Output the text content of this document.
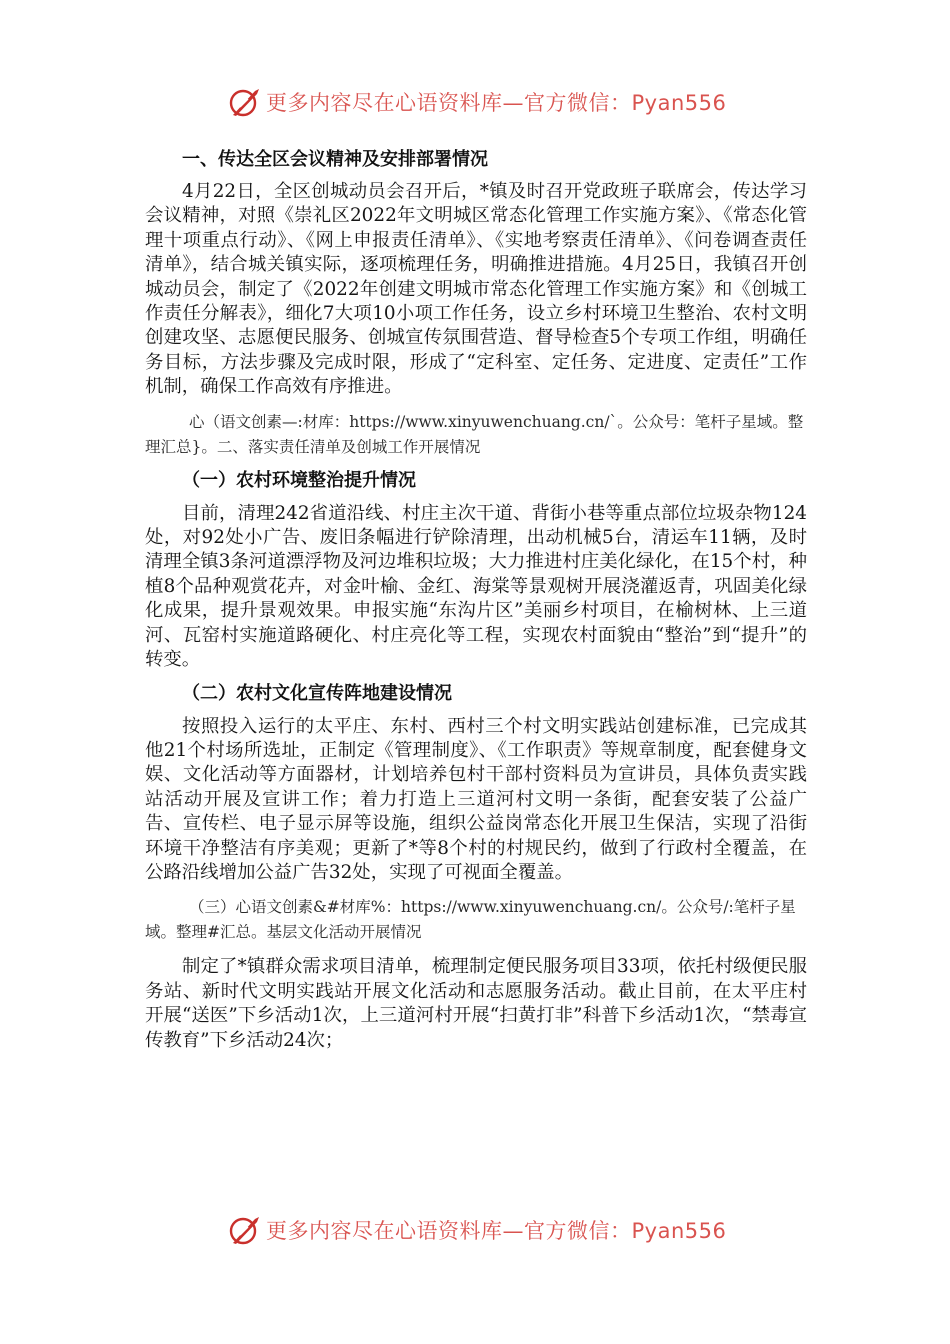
更多内容尽在心语资料库—官方微信：Pyan556
一、传达全区会议精神及安排部署情况

4月22日，全区创城动员会召开后，*镇及时召开党政班子联席会，传达学习会议精神，对照《崇礼区2022年文明城区常态化管理工作实施方案》、《常态化管理十项重点行动》、《网上申报责任清单》、《实地考察责任清单》、《问卷调查责任清单》，结合城关镇实际，逐项梳理任务，明确推进措施。4月25日，我镇召开创城动员会，制定了《2022年创建文明城市常态化管理工作实施方案》和《创城工作责任分解表》，细化7大项10小项工作任务，设立乡村环境卫生整治、农村文明创建攻坚、志愿便民服务、创城宣传氛围营造、督导检查5个专项工作组，明确任务目标，方法步骤及完成时限，形成了“定科室、定任务、定进度、定责任”工作机制，确保工作高效有序推进。

心（语文创素—:材库：https://www.xinyuwenchuang.cn/`。公众号：笔杆子星域。整理汇总}。二、落实责任清单及创城工作开展情况

（一）农村环境整治提升情况

目前，清理242省道沿线、村庄主次干道、背街小巷等重点部位垃圾杂物124处，对92处小广告、废旧条幅进行铲除清理，出动机械5台，清运车11辆，及时清理全镇3条河道漂浮物及河边堆积垃圾；大力推进村庄美化绿化，在15个村，种植8个品种观赏花卉，对金叶榆、金红、海棠等景观树开展浇灌返青，巩固美化绿化成果，提升景观效果。申报实施“东沟片区”美丽乡村项目，在榆树林、上三道河、瓦窑村实施道路硬化、村庄亮化等工程，实现农村面貌由“整治”到“提升”的转变。

（二）农村文化宣传阵地建设情况

按照投入运行的太平庄、东村、西村三个村文明实践站创建标准，已完成其他21个村场所选址，正制定《管理制度》、《工作职责》等规章制度，配套健身文娱、文化活动等方面器材，计划培养包村干部村资料员为宣讲员，具体负责实践站活动开展及宣讲工作；着力打造上三道河村文明一条街，配套安装了公益广告、宣传栏、电子显示屏等设施，组织公益岗常态化开展卫生保洁，实现了沿街环境干净整洁有序美观；更新了*等8个村的村规民约，做到了行政村全覆盖，在公路沿线增加公益广告32处，实现了可视面全覆盖。

（三）心语文创素&#材库%：https://www.xinyuwenchuang.cn/。公众号/:笔杆子星域。整理#汇总。基层文化活动开展情况

制定了*镇群众需求项目清单，梳理制定便民服务项目33项，依托村级便民服务站、新时代文明实践站开展文化活动和志愿服务活动。截止目前，在太平庄村开展“送医”下乡活动1次，上三道河村开展“扫黄打非”科普下乡活动1次，“禁毒宣传教育”下乡活动24次；

更多内容尽在心语资料库—官方微信：Pyan556
